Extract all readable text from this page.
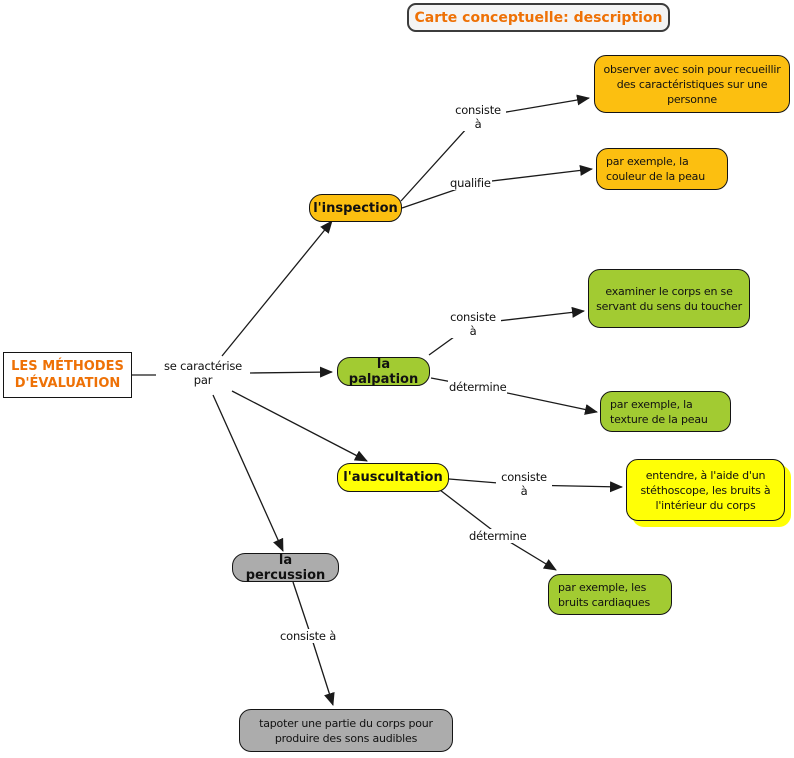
Carte conceptuelle: description
LES MÉTHODES D'ÉVALUATION
l'inspection
la palpation
l'auscultation
la percussion
observer avec soin pour recueillir des caractéristiques sur une personne
par exemple, la couleur de la peau
examiner le corps en se servant du sens du toucher
par exemple, la texture de la peau
entendre, à l'aide d'un stéthoscope, les bruits à l'intérieur du corps
par exemple, les bruits cardiaques
tapoter une partie du corps pour produire des sons audibles
se caractérise par
consiste à
qualifie
consiste à
détermine
consiste à
détermine
consiste à
